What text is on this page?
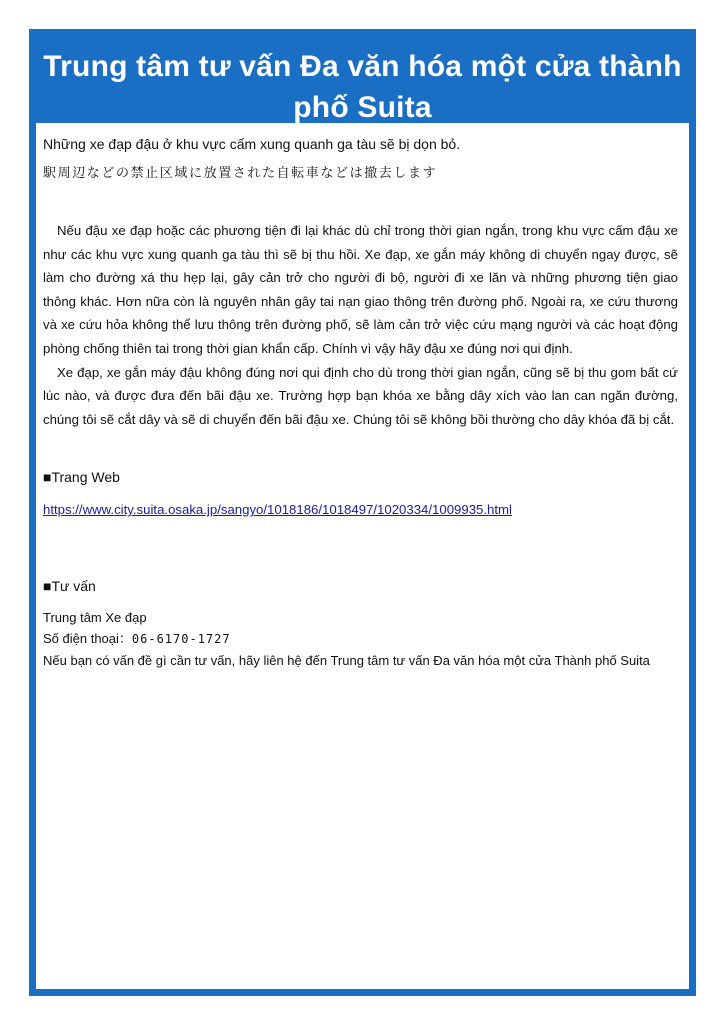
Trung tâm tư vấn Đa văn hóa một cửa thành phố Suita

Những xe đạp đậu ở khu vực cấm xung quanh ga tàu sẽ bị dọn bỏ.

駅周辺などの禁止区域に放置された自転車などは撤去します

Nếu đậu xe đạp hoặc các phương tiện đi lại khác dù chỉ trong thời gian ngắn, trong khu vực cấm đậu xe như các khu vực xung quanh ga tàu thì sẽ bị thu hồi. Xe đạp, xe gắn máy không di chuyển ngay được, sẽ làm cho đường xá thu hẹp lại, gây cản trở cho người đi bộ, người đi xe lăn và những phương tiện giao thông khác. Hơn nữa còn là nguyên nhân gây tai nạn giao thông trên đường phố. Ngoài ra, xe cứu thương và xe cứu hỏa không thể lưu thông trên đường phố, sẽ làm cản trở việc cứu mạng người và các hoạt động phòng chống thiên tai trong thời gian khẩn cấp. Chính vì vậy hãy đậu xe đúng nơi qui định.

Xe đạp, xe gắn máy đậu không đúng nơi qui định cho dù trong thời gian ngắn, cũng sẽ bị thu gom bất cứ lúc nào, và được đưa đến bãi đậu xe. Trường hợp bạn khóa xe bằng dây xích vào lan can ngăn đường, chúng tôi sẽ cắt dây và sẽ di chuyển đến bãi đậu xe. Chúng tôi sẽ không bồi thường cho dây khóa đã bị cắt.

■Trang Web

https://www.city.suita.osaka.jp/sangyo/1018186/1018497/1020334/1009935.html

■Tư vấn

Trung tâm Xe đạp

Số điện thoại：06-6170-1727

Nếu bạn có vấn đề gì cần tư vấn, hãy liên hệ đến Trung tâm tư vấn Đa văn hóa một cửa Thành phố Suita
